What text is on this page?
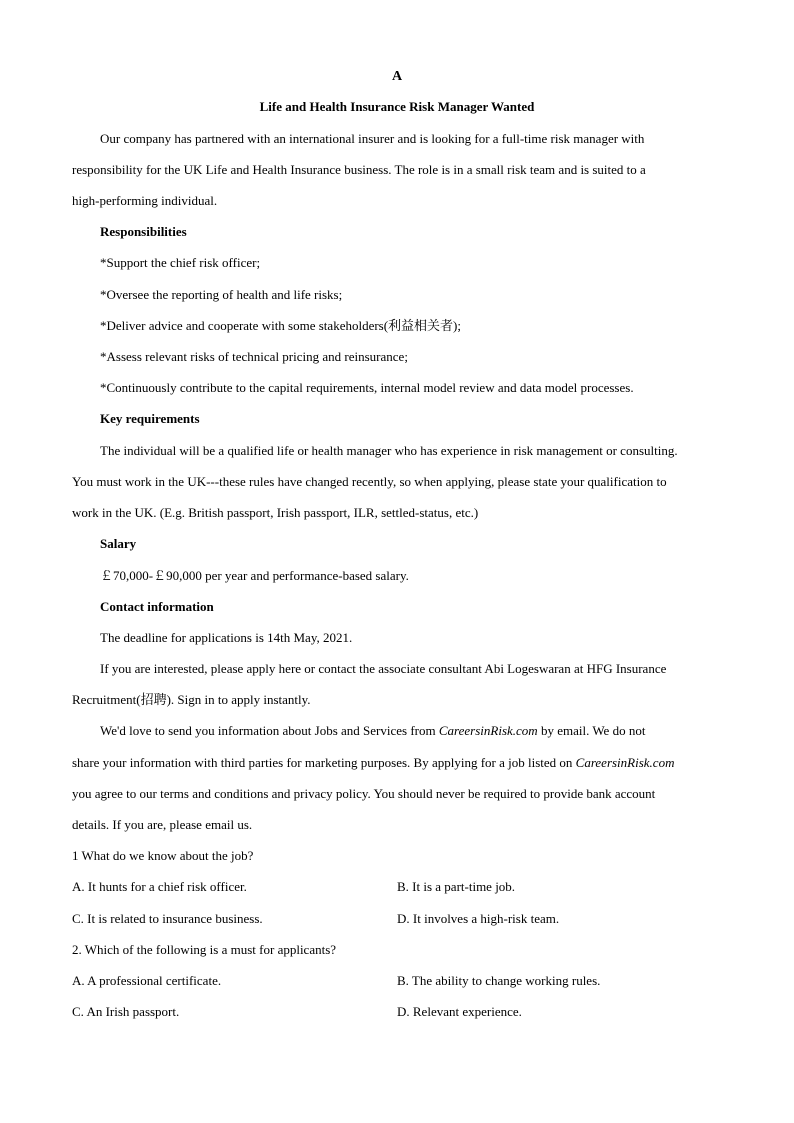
A
Life and Health Insurance Risk Manager Wanted
Our company has partnered with an international insurer and is looking for a full-time risk manager with
responsibility for the UK Life and Health Insurance business. The role is in a small risk team and is suited to a
high-performing individual.
Responsibilities
*Support the chief risk officer;
*Oversee the reporting of health and life risks;
*Deliver advice and cooperate with some stakeholders(利益相关者);
*Assess relevant risks of technical pricing and reinsurance;
*Continuously contribute to the capital requirements, internal model review and data model processes.
Key requirements
The individual will be a qualified life or health manager who has experience in risk management or consulting.
You must work in the UK---these rules have changed recently, so when applying, please state your qualification to
work in the UK. (E.g. British passport, Irish passport, ILR, settled-status, etc.)
Salary
￡70,000-￡90,000 per year and performance-based salary.
Contact information
The deadline for applications is 14th May, 2021.
If you are interested, please apply here or contact the associate consultant Abi Logeswaran at HFG Insurance
Recruitment(招聘). Sign in to apply instantly.
We'd love to send you information about Jobs and Services from CareersinRisk.com by email. We do not
share your information with third parties for marketing purposes. By applying for a job listed on CareersinRisk.com
you agree to our terms and conditions and privacy policy. You should never be required to provide bank account
details. If you are, please email us.
1 What do we know about the job?
A. It hunts for a chief risk officer.	B. It is a part-time job.
C. It is related to insurance business.	D. It involves a high-risk team.
2. Which of the following is a must for applicants?
A. A professional certificate.	B. The ability to change working rules.
C. An Irish passport.	D. Relevant experience.
